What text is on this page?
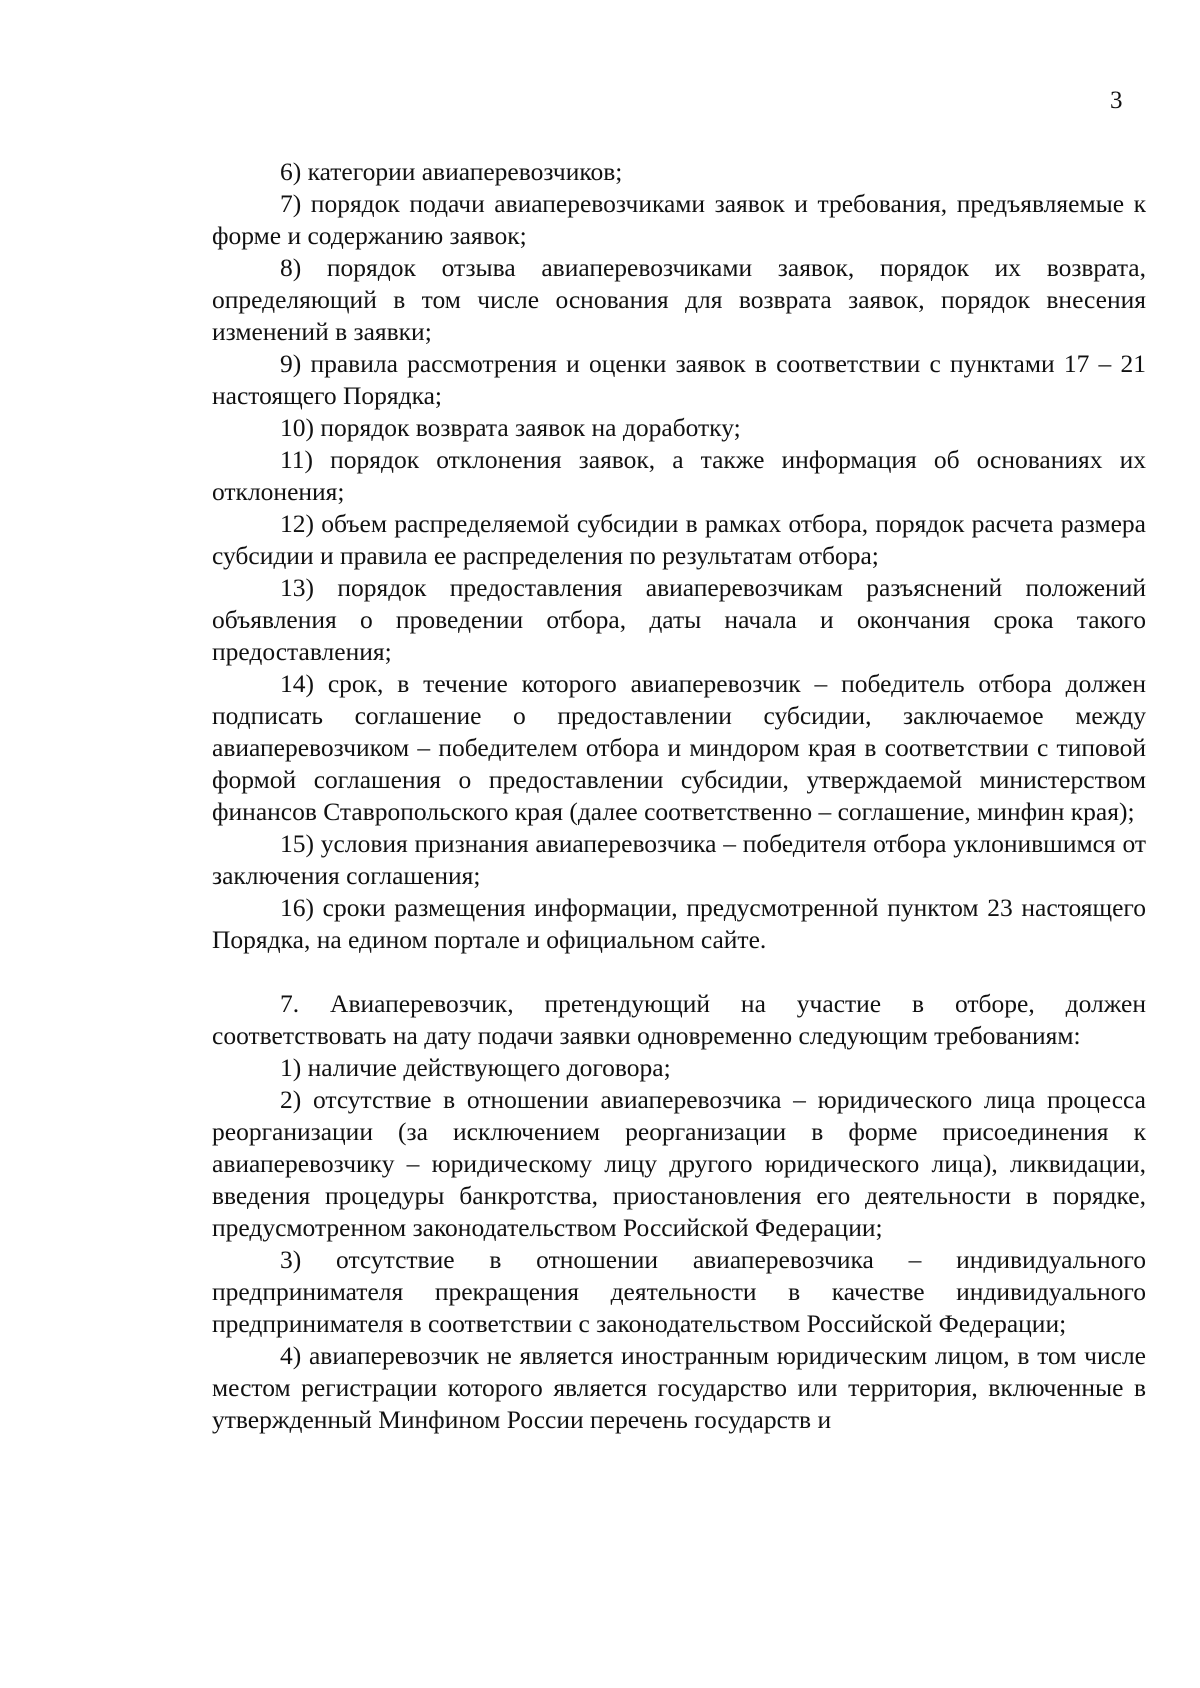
3

6) категории авиаперевозчиков;

7) порядок подачи авиаперевозчиками заявок и требования, предъявляемые к форме и содержанию заявок;

8) порядок отзыва авиаперевозчиками заявок, порядок их возврата, определяющий в том числе основания для возврата заявок, порядок внесения изменений в заявки;

9) правила рассмотрения и оценки заявок в соответствии с пунктами 17 – 21 настоящего Порядка;

10) порядок возврата заявок на доработку;

11) порядок отклонения заявок, а также информация об основаниях их отклонения;

12) объем распределяемой субсидии в рамках отбора, порядок расчета размера субсидии и правила ее распределения по результатам отбора;

13) порядок предоставления авиаперевозчикам разъяснений положений объявления о проведении отбора, даты начала и окончания срока такого предоставления;

14) срок, в течение которого авиаперевозчик – победитель отбора должен подписать соглашение о предоставлении субсидии, заключаемое между авиаперевозчиком – победителем отбора и миндором края в соответствии с типовой формой соглашения о предоставлении субсидии, утверждаемой министерством финансов Ставропольского края (далее соответственно – соглашение, минфин края);

15) условия признания авиаперевозчика – победителя отбора уклонившимся от заключения соглашения;

16) сроки размещения информации, предусмотренной пунктом 23 настоящего Порядка, на едином портале и официальном сайте.

7. Авиаперевозчик, претендующий на участие в отборе, должен соответствовать на дату подачи заявки одновременно следующим требованиям:

1) наличие действующего договора;

2) отсутствие в отношении авиаперевозчика – юридического лица процесса реорганизации (за исключением реорганизации в форме присоединения к авиаперевозчику – юридическому лицу другого юридического лица), ликвидации, введения процедуры банкротства, приостановления его деятельности в порядке, предусмотренном законодательством Российской Федерации;

3) отсутствие в отношении авиаперевозчика – индивидуального предпринимателя прекращения деятельности в качестве индивидуального предпринимателя в соответствии с законодательством Российской Федерации;

4) авиаперевозчик не является иностранным юридическим лицом, в том числе местом регистрации которого является государство или территория, включенные в утвержденный Минфином России перечень государств и
